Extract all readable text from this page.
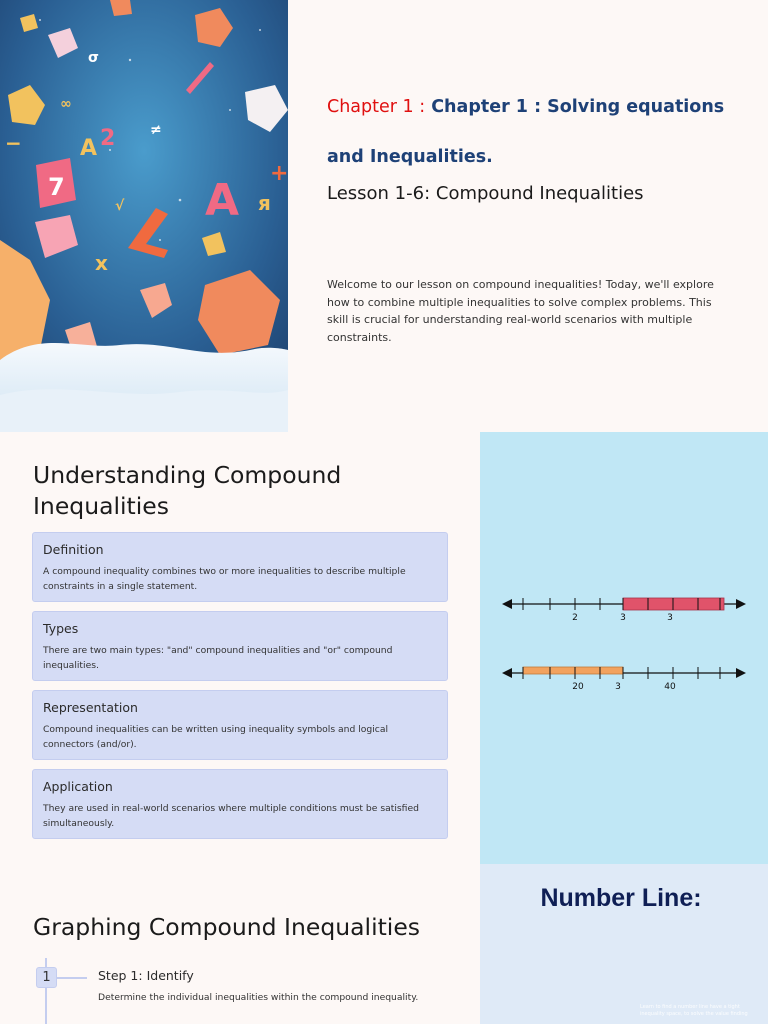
A 2
7	A я
x
+
−
√
σ
≠
∞	Chapter 1 : Chapter 1 : Solving equations and Inequalities.
Lesson 1-6: Compound Inequalities

Welcome to our lesson on compound inequalities! Today, we'll explore how to combine multiple inequalities to solve complex problems. This skill is crucial for understanding real-world scenarios with multiple constraints.

Understanding Compound Inequalities
Definition

A compound inequality combines two or more inequalities to describe multiple constraints in a single statement.

Types

There are two main types: "and" compound inequalities and "or" compound inequalities.

Representation

Compound inequalities can be written using inequality symbols and logical connectors (and/or).

Application

They are used in real-world scenarios where multiple conditions must be satisfied simultaneously.

2	3	3
20	3	40
Number Line:

Learn to find a number line have a tight inequality space, to solve the value finding

Graphing Compound Inequalities
1	Step 1: Identify
Determine the individual inequalities within the compound inequality.
